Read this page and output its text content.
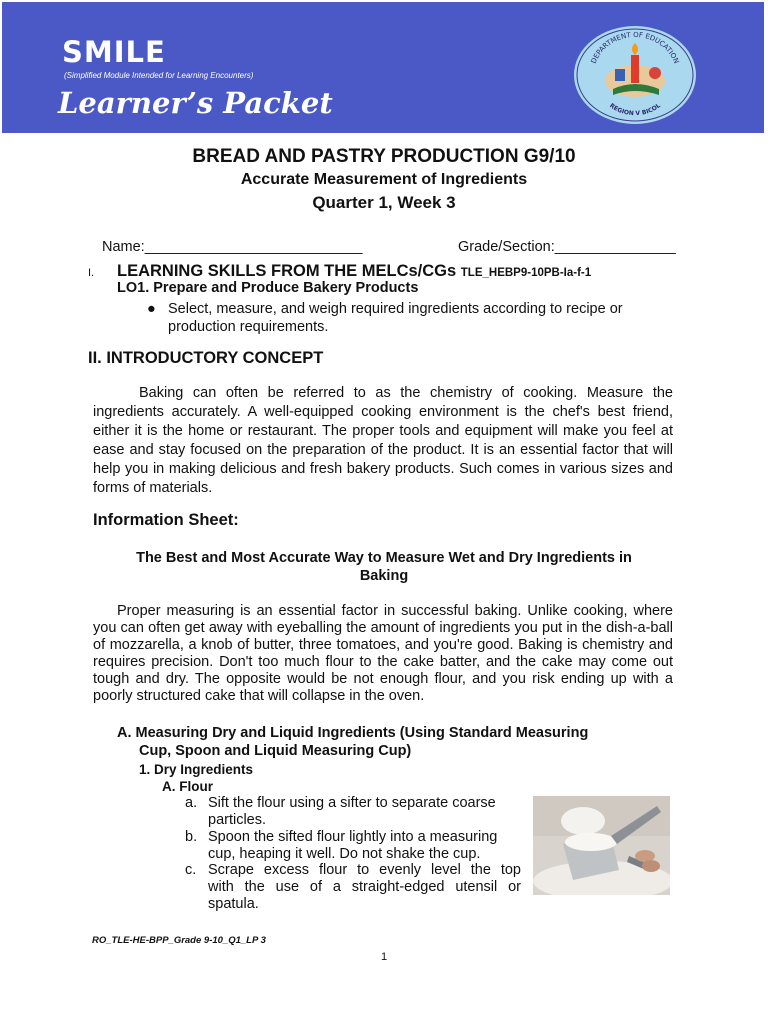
SMILE
(Simplified Module Intended for Learning Encounters)
Learner’s Packet
DEPARTMENT OF EDUCATION
REGION V BICOL
BREAD AND PASTRY PRODUCTION G9/10
Accurate Measurement of Ingredients
Quarter 1, Week 3
Name:___________________________	Grade/Section:_______________
I. LEARNING SKILLS FROM THE MELCs/CGs TLE_HEBP9-10PB-Ia-f-1
LO1. Prepare and Produce Bakery Products
● Select, measure, and weigh required ingredients according to recipe or
production requirements.
II. INTRODUCTORY CONCEPT
Baking can often be referred to as the chemistry of cooking. Measure the ingredients accurately. A well-equipped cooking environment is the chef's best friend, either it is the home or restaurant. The proper tools and equipment will make you feel at ease and stay focused on the preparation of the product. It is an essential factor that will help you in making delicious and fresh bakery products. Such comes in various sizes and forms of materials.
Information Sheet:
The Best and Most Accurate Way to Measure Wet and Dry Ingredients in
Baking
Proper measuring is an essential factor in successful baking. Unlike cooking, where you can often get away with eyeballing the amount of ingredients you put in the dish-a-ball of mozzarella, a knob of butter, three tomatoes, and you're good. Baking is chemistry and requires precision. Don't too much flour to the cake batter, and the cake may come out tough and dry. The opposite would be not enough flour, and you risk ending up with a poorly structured cake that will collapse in the oven.
A. Measuring Dry and Liquid Ingredients (Using Standard Measuring
Cup, Spoon and Liquid Measuring Cup)
1. Dry Ingredients
A. Flour
a. Sift the flour using a sifter to separate coarse
particles.
b. Spoon the sifted flour lightly into a measuring
cup, heaping it well. Do not shake the cup.
c. Scrape excess flour to evenly level the top
with the use of a straight-edged utensil or
spatula.
RO_TLE-HE-BPP_Grade 9-10_Q1_LP 3
1
